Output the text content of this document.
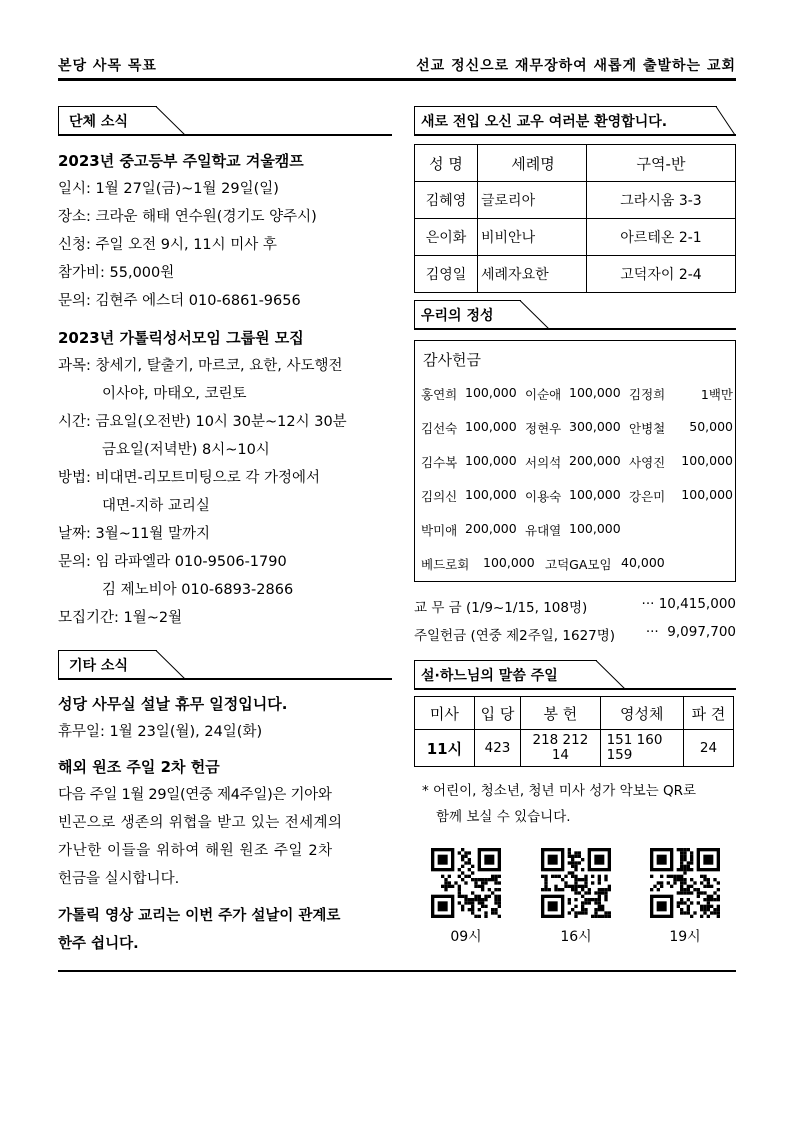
본당 사목 목표	선교 정신으로 재무장하여 새롭게 출발하는 교회
단체 소식
2023년 중고등부 주일학교 겨울캠프
일시: 1월 27일(금)~1월 29일(일)
장소: 크라운 해태 연수원(경기도 양주시)
신청: 주일 오전 9시, 11시 미사 후
참가비: 55,000원
문의: 김현주 에스더 010-6861-9656
2023년 가톨릭성서모임 그룹원 모집
과목: 창세기, 탈출기, 마르코, 요한, 사도행전
이사야, 마태오, 코린토
시간: 금요일(오전반) 10시 30분~12시 30분
금요일(저녁반) 8시~10시
방법: 비대면-리모트미팅으로 각 가정에서
대면-지하 교리실
날짜: 3월~11월 말까지
문의: 임 라파엘라 010-9506-1790
김 제노비아 010-6893-2866
모집기간: 1월~2월
기타 소식
성당 사무실 설날 휴무 일정입니다.
휴무일: 1월 23일(월), 24일(화)
해외 원조 주일 2차 헌금
다음 주일 1월 29일(연중 제4주일)은 기아와
빈곤으로 생존의 위협을 받고 있는 전세계의
가난한 이들을 위하여 해원 원조 주일 2차
헌금을 실시합니다.
가톨릭 영상 교리는 이번 주가 설날이 관계로
한주 쉽니다.
새로 전입 오신 교우 여러분 환영합니다.
성 명	세례명	구역-반
김혜영	글로리아	그라시움 3-3
은이화	비비안나	아르테온 2-1
김영일	세례자요한	고덕자이 2-4
우리의 정성
감사헌금
홍연희 100,000 이순애 100,000 김정희	1백만
김선숙 100,000 정현우 300,000 안병철	50,000
김수복 100,000 서의석 200,000 사영진	100,000
김의신 100,000 이용숙 100,000 강은미	100,000
박미애 200,000 유대열 100,000
베드로회	100,000 고덕GA모임 40,000
교 무 금 (1/9~1/15, 108명)	··· 10,415,000
주일헌금 (연중 제2주일, 1627명)	···  9,097,700
설·하느님의 말씀 주일
미사	입 당	봉 헌	영성체	파 견
11시	423	218 212 14	151 160 159	24
* 어린이, 청소년, 청년 미사 성가 악보는 QR로
함께 보실 수 있습니다.
09시	16시	19시
